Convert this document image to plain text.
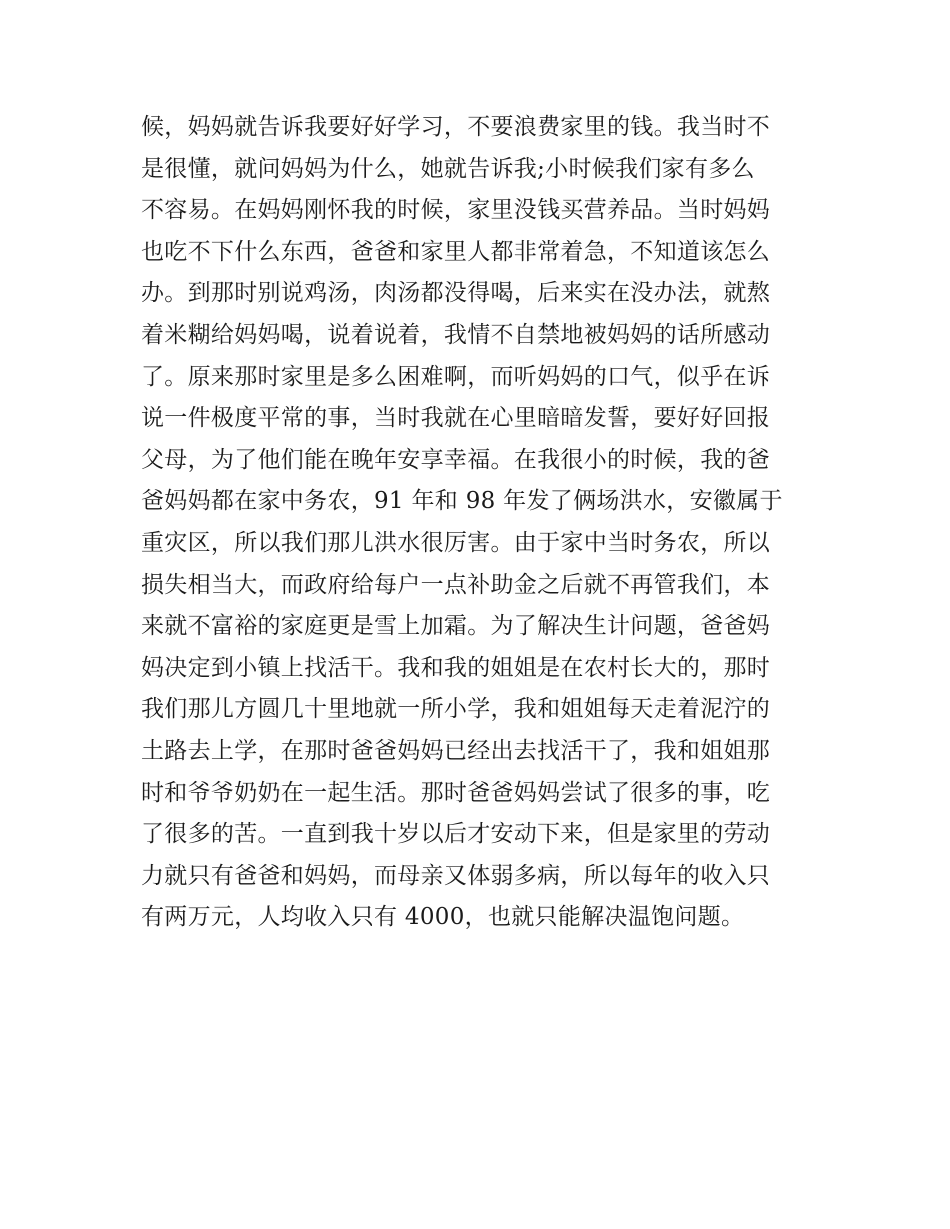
候，妈妈就告诉我要好好学习，不要浪费家里的钱。我当时不
是很懂，就问妈妈为什么，她就告诉我;小时候我们家有多么
不容易。在妈妈刚怀我的时候，家里没钱买营养品。当时妈妈
也吃不下什么东西，爸爸和家里人都非常着急，不知道该怎么
办。到那时别说鸡汤，肉汤都没得喝，后来实在没办法，就熬
着米糊给妈妈喝，说着说着，我情不自禁地被妈妈的话所感动
了。原来那时家里是多么困难啊，而听妈妈的口气，似乎在诉
说一件极度平常的事，当时我就在心里暗暗发誓，要好好回报
父母，为了他们能在晚年安享幸福。在我很小的时候，我的爸
爸妈妈都在家中务农，91 年和 98 年发了俩场洪水，安徽属于
重灾区，所以我们那儿洪水很厉害。由于家中当时务农，所以
损失相当大，而政府给每户一点补助金之后就不再管我们，本
来就不富裕的家庭更是雪上加霜。为了解决生计问题，爸爸妈
妈决定到小镇上找活干。我和我的姐姐是在农村长大的，那时
我们那儿方圆几十里地就一所小学，我和姐姐每天走着泥泞的
土路去上学，在那时爸爸妈妈已经出去找活干了，我和姐姐那
时和爷爷奶奶在一起生活。那时爸爸妈妈尝试了很多的事，吃
了很多的苦。一直到我十岁以后才安动下来，但是家里的劳动
力就只有爸爸和妈妈，而母亲又体弱多病，所以每年的收入只
有两万元，人均收入只有 4000，也就只能解决温饱问题。
